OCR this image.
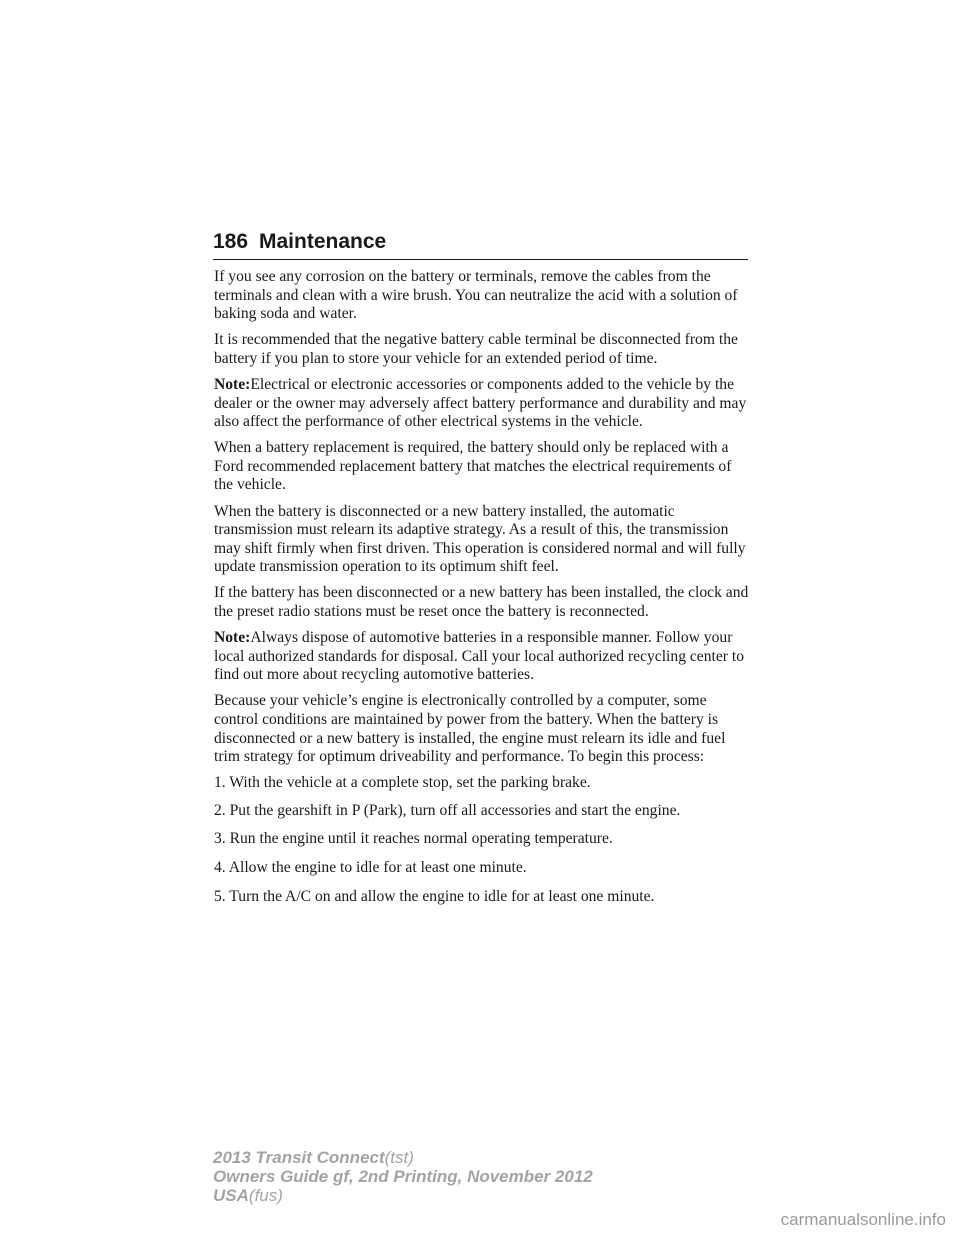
186 Maintenance

If you see any corrosion on the battery or terminals, remove the cables from the terminals and clean with a wire brush. You can neutralize the acid with a solution of baking soda and water.

It is recommended that the negative battery cable terminal be disconnected from the battery if you plan to store your vehicle for an extended period of time.

Note:Electrical or electronic accessories or components added to the vehicle by the dealer or the owner may adversely affect battery performance and durability and may also affect the performance of other electrical systems in the vehicle.

When a battery replacement is required, the battery should only be replaced with a Ford recommended replacement battery that matches the electrical requirements of the vehicle.

When the battery is disconnected or a new battery installed, the automatic transmission must relearn its adaptive strategy. As a result of this, the transmission may shift firmly when first driven. This operation is considered normal and will fully update transmission operation to its optimum shift feel.

If the battery has been disconnected or a new battery has been installed, the clock and the preset radio stations must be reset once the battery is reconnected.

Note:Always dispose of automotive batteries in a responsible manner. Follow your local authorized standards for disposal. Call your local authorized recycling center to find out more about recycling automotive batteries.

Because your vehicle’s engine is electronically controlled by a computer, some control conditions are maintained by power from the battery. When the battery is disconnected or a new battery is installed, the engine must relearn its idle and fuel trim strategy for optimum driveability and performance. To begin this process:

1. With the vehicle at a complete stop, set the parking brake.

2. Put the gearshift in P (Park), turn off all accessories and start the engine.

3. Run the engine until it reaches normal operating temperature.

4. Allow the engine to idle for at least one minute.

5. Turn the A/C on and allow the engine to idle for at least one minute.

2013 Transit Connect(tst)
Owners Guide gf, 2nd Printing, November 2012
USA(fus)
carmanualsonline.info
